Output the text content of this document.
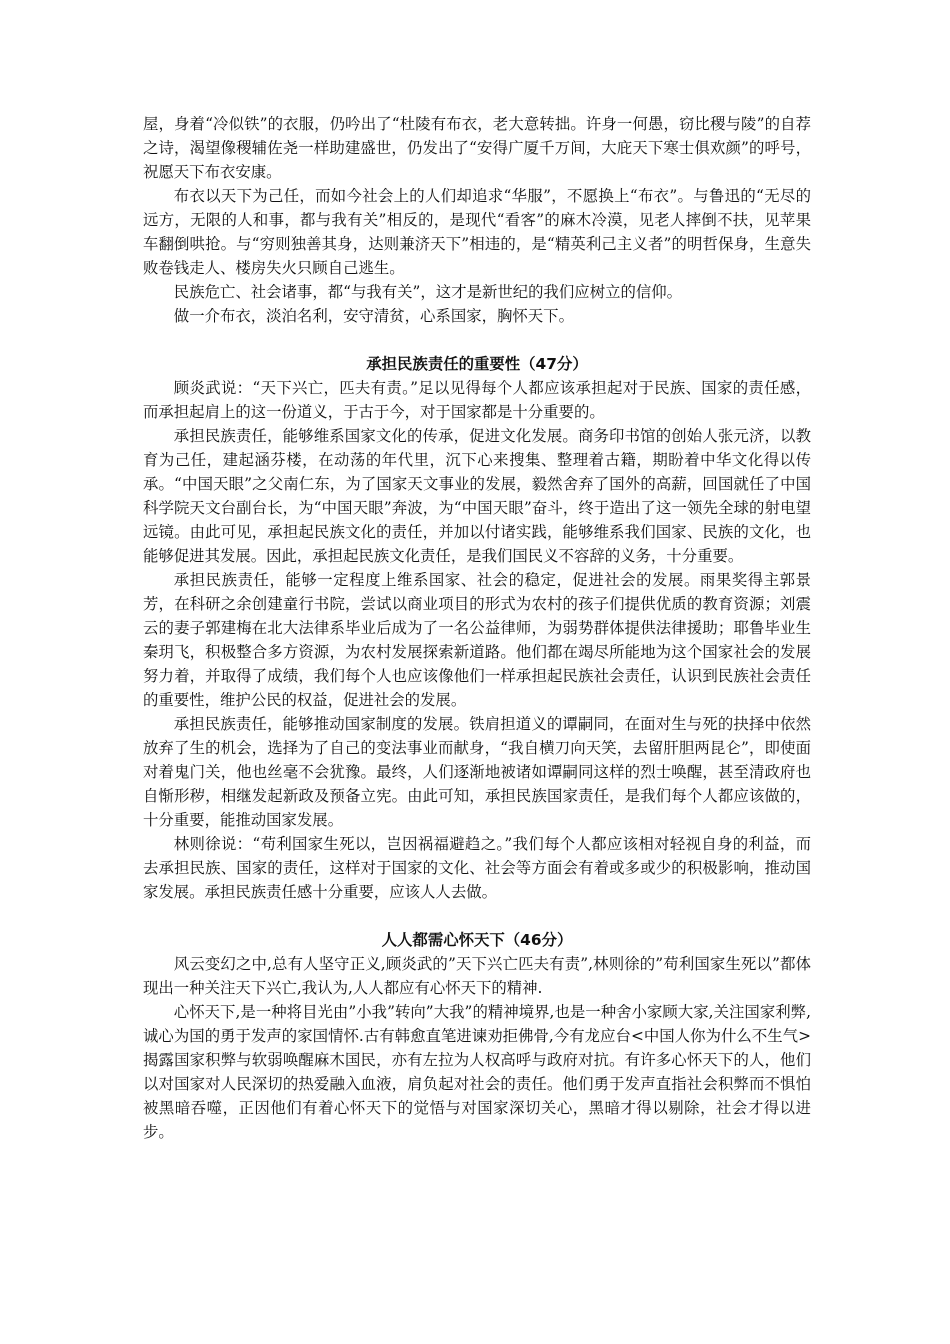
屋，身着“冷似铁”的衣服，仍吟出了“杜陵有布衣，老大意转拙。许身一何愚，窃比稷与陵”的自荐之诗，渴望像稷辅佐尧一样助建盛世，仍发出了“安得广厦千万间，大庇天下寒士俱欢颜”的呼号，祝愿天下布衣安康。

布衣以天下为己任，而如今社会上的人们却追求“华服”，不愿换上“布衣”。与鲁迅的“无尽的远方，无限的人和事，都与我有关”相反的，是现代“看客”的麻木冷漠，见老人摔倒不扶，见苹果车翻倒哄抢。与“穷则独善其身，达则兼济天下”相违的，是“精英利己主义者”的明哲保身，生意失败卷钱走人、楼房失火只顾自己逃生。

民族危亡、社会诸事，都“与我有关”，这才是新世纪的我们应树立的信仰。

做一介布衣，淡泊名利，安守清贫，心系国家，胸怀天下。

承担民族责任的重要性（47分）

顾炎武说：“天下兴亡，匹夫有责。”足以见得每个人都应该承担起对于民族、国家的责任感，而承担起肩上的这一份道义，于古于今，对于国家都是十分重要的。

承担民族责任，能够维系国家文化的传承，促进文化发展。商务印书馆的创始人张元济，以教育为己任，建起涵芬楼，在动荡的年代里，沉下心来搜集、整理着古籍，期盼着中华文化得以传承。“中国天眼”之父南仁东，为了国家天文事业的发展，毅然舍弃了国外的高薪，回国就任了中国科学院天文台副台长，为“中国天眼”奔波，为“中国天眼”奋斗，终于造出了这一领先全球的射电望远镜。由此可见，承担起民族文化的责任，并加以付诸实践，能够维系我们国家、民族的文化，也能够促进其发展。因此，承担起民族文化责任，是我们国民义不容辞的义务，十分重要。

承担民族责任，能够一定程度上维系国家、社会的稳定，促进社会的发展。雨果奖得主郭景芳，在科研之余创建童行书院，尝试以商业项目的形式为农村的孩子们提供优质的教育资源；刘震云的妻子郭建梅在北大法律系毕业后成为了一名公益律师，为弱势群体提供法律援助；耶鲁毕业生秦玥飞，积极整合多方资源，为农村发展探索新道路。他们都在竭尽所能地为这个国家社会的发展努力着，并取得了成绩，我们每个人也应该像他们一样承担起民族社会责任，认识到民族社会责任的重要性，维护公民的权益，促进社会的发展。

承担民族责任，能够推动国家制度的发展。铁肩担道义的谭嗣同，在面对生与死的抉择中依然放弃了生的机会，选择为了自己的变法事业而献身，“我自横刀向天笑，去留肝胆两昆仑”，即使面对着鬼门关，他也丝毫不会犹豫。最终，人们逐渐地被诸如谭嗣同这样的烈士唤醒，甚至清政府也自惭形秽，相继发起新政及预备立宪。由此可知，承担民族国家责任，是我们每个人都应该做的，十分重要，能推动国家发展。

林则徐说：“苟利国家生死以，岂因祸福避趋之。”我们每个人都应该相对轻视自身的利益，而去承担民族、国家的责任，这样对于国家的文化、社会等方面会有着或多或少的积极影响，推动国家发展。承担民族责任感十分重要，应该人人去做。

人人都需心怀天下（46分）

风云变幻之中,总有人坚守正义,顾炎武的”天下兴亡匹夫有责”,林则徐的”苟利国家生死以”都体现出一种关注天下兴亡,我认为,人人都应有心怀天下的精神.

心怀天下,是一种将目光由”小我”转向”大我”的精神境界,也是一种舍小家顾大家,关注国家利弊,诚心为国的勇于发声的家国情怀.古有韩愈直笔进谏劝拒佛骨,今有龙应台<中国人你为什么不生气>揭露国家积弊与软弱唤醒麻木国民，亦有左拉为人权高呼与政府对抗。有许多心怀天下的人，他们以对国家对人民深切的热爱融入血液，肩负起对社会的责任。他们勇于发声直指社会积弊而不惧怕被黑暗吞噬，正因他们有着心怀天下的觉悟与对国家深切关心，黑暗才得以剔除，社会才得以进步。
